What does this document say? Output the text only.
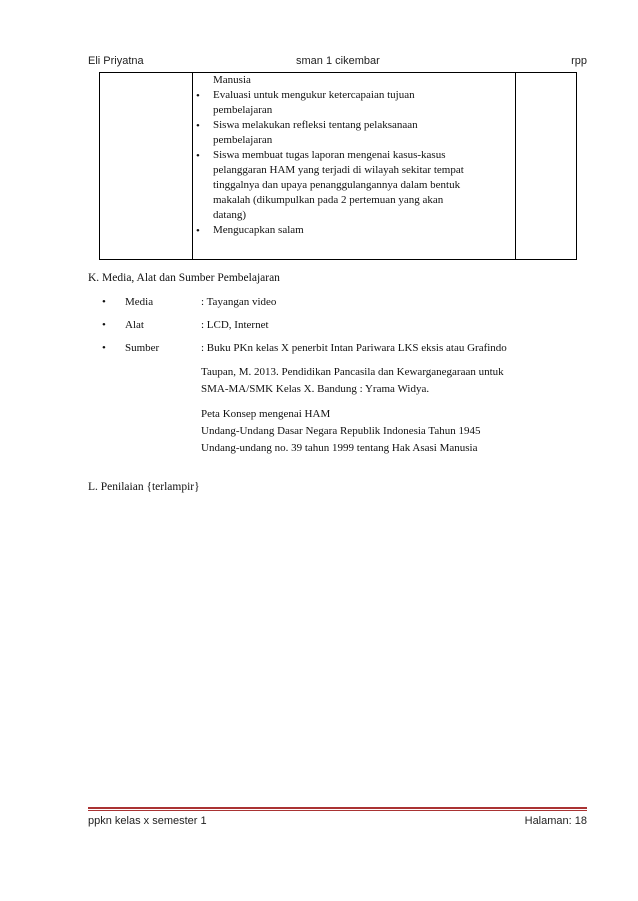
Eli Priyatna	sman 1 cikembar	rpp

Manusia
• Evaluasi untuk mengukur ketercapaian tujuan
pembelajaran
• Siswa melakukan refleksi tentang pelaksanaan
pembelajaran
• Siswa membuat tugas laporan mengenai kasus-kasus
pelanggaran HAM yang terjadi di wilayah sekitar tempat
tinggalnya dan upaya penanggulangannya dalam bentuk
makalah (dikumpulkan pada 2 pertemuan yang akan
datang)
• Mengucapkan salam

K. Media, Alat dan Sumber Pembelajaran
• Media	: Tayangan video
• Alat	: LCD, Internet
• Sumber	: Buku PKn kelas X penerbit Intan Pariwara LKS eksis atau Grafindo
Taupan, M. 2013. Pendidikan Pancasila dan Kewarganegaraan untuk
SMA-MA/SMK Kelas X. Bandung : Yrama Widya.
Peta Konsep mengenai HAM
Undang-Undang Dasar Negara Republik Indonesia Tahun 1945
Undang-undang no. 39 tahun 1999 tentang Hak Asasi Manusia
L. Penilaian {terlampir}
ppkn kelas x semester 1	Halaman: 18
